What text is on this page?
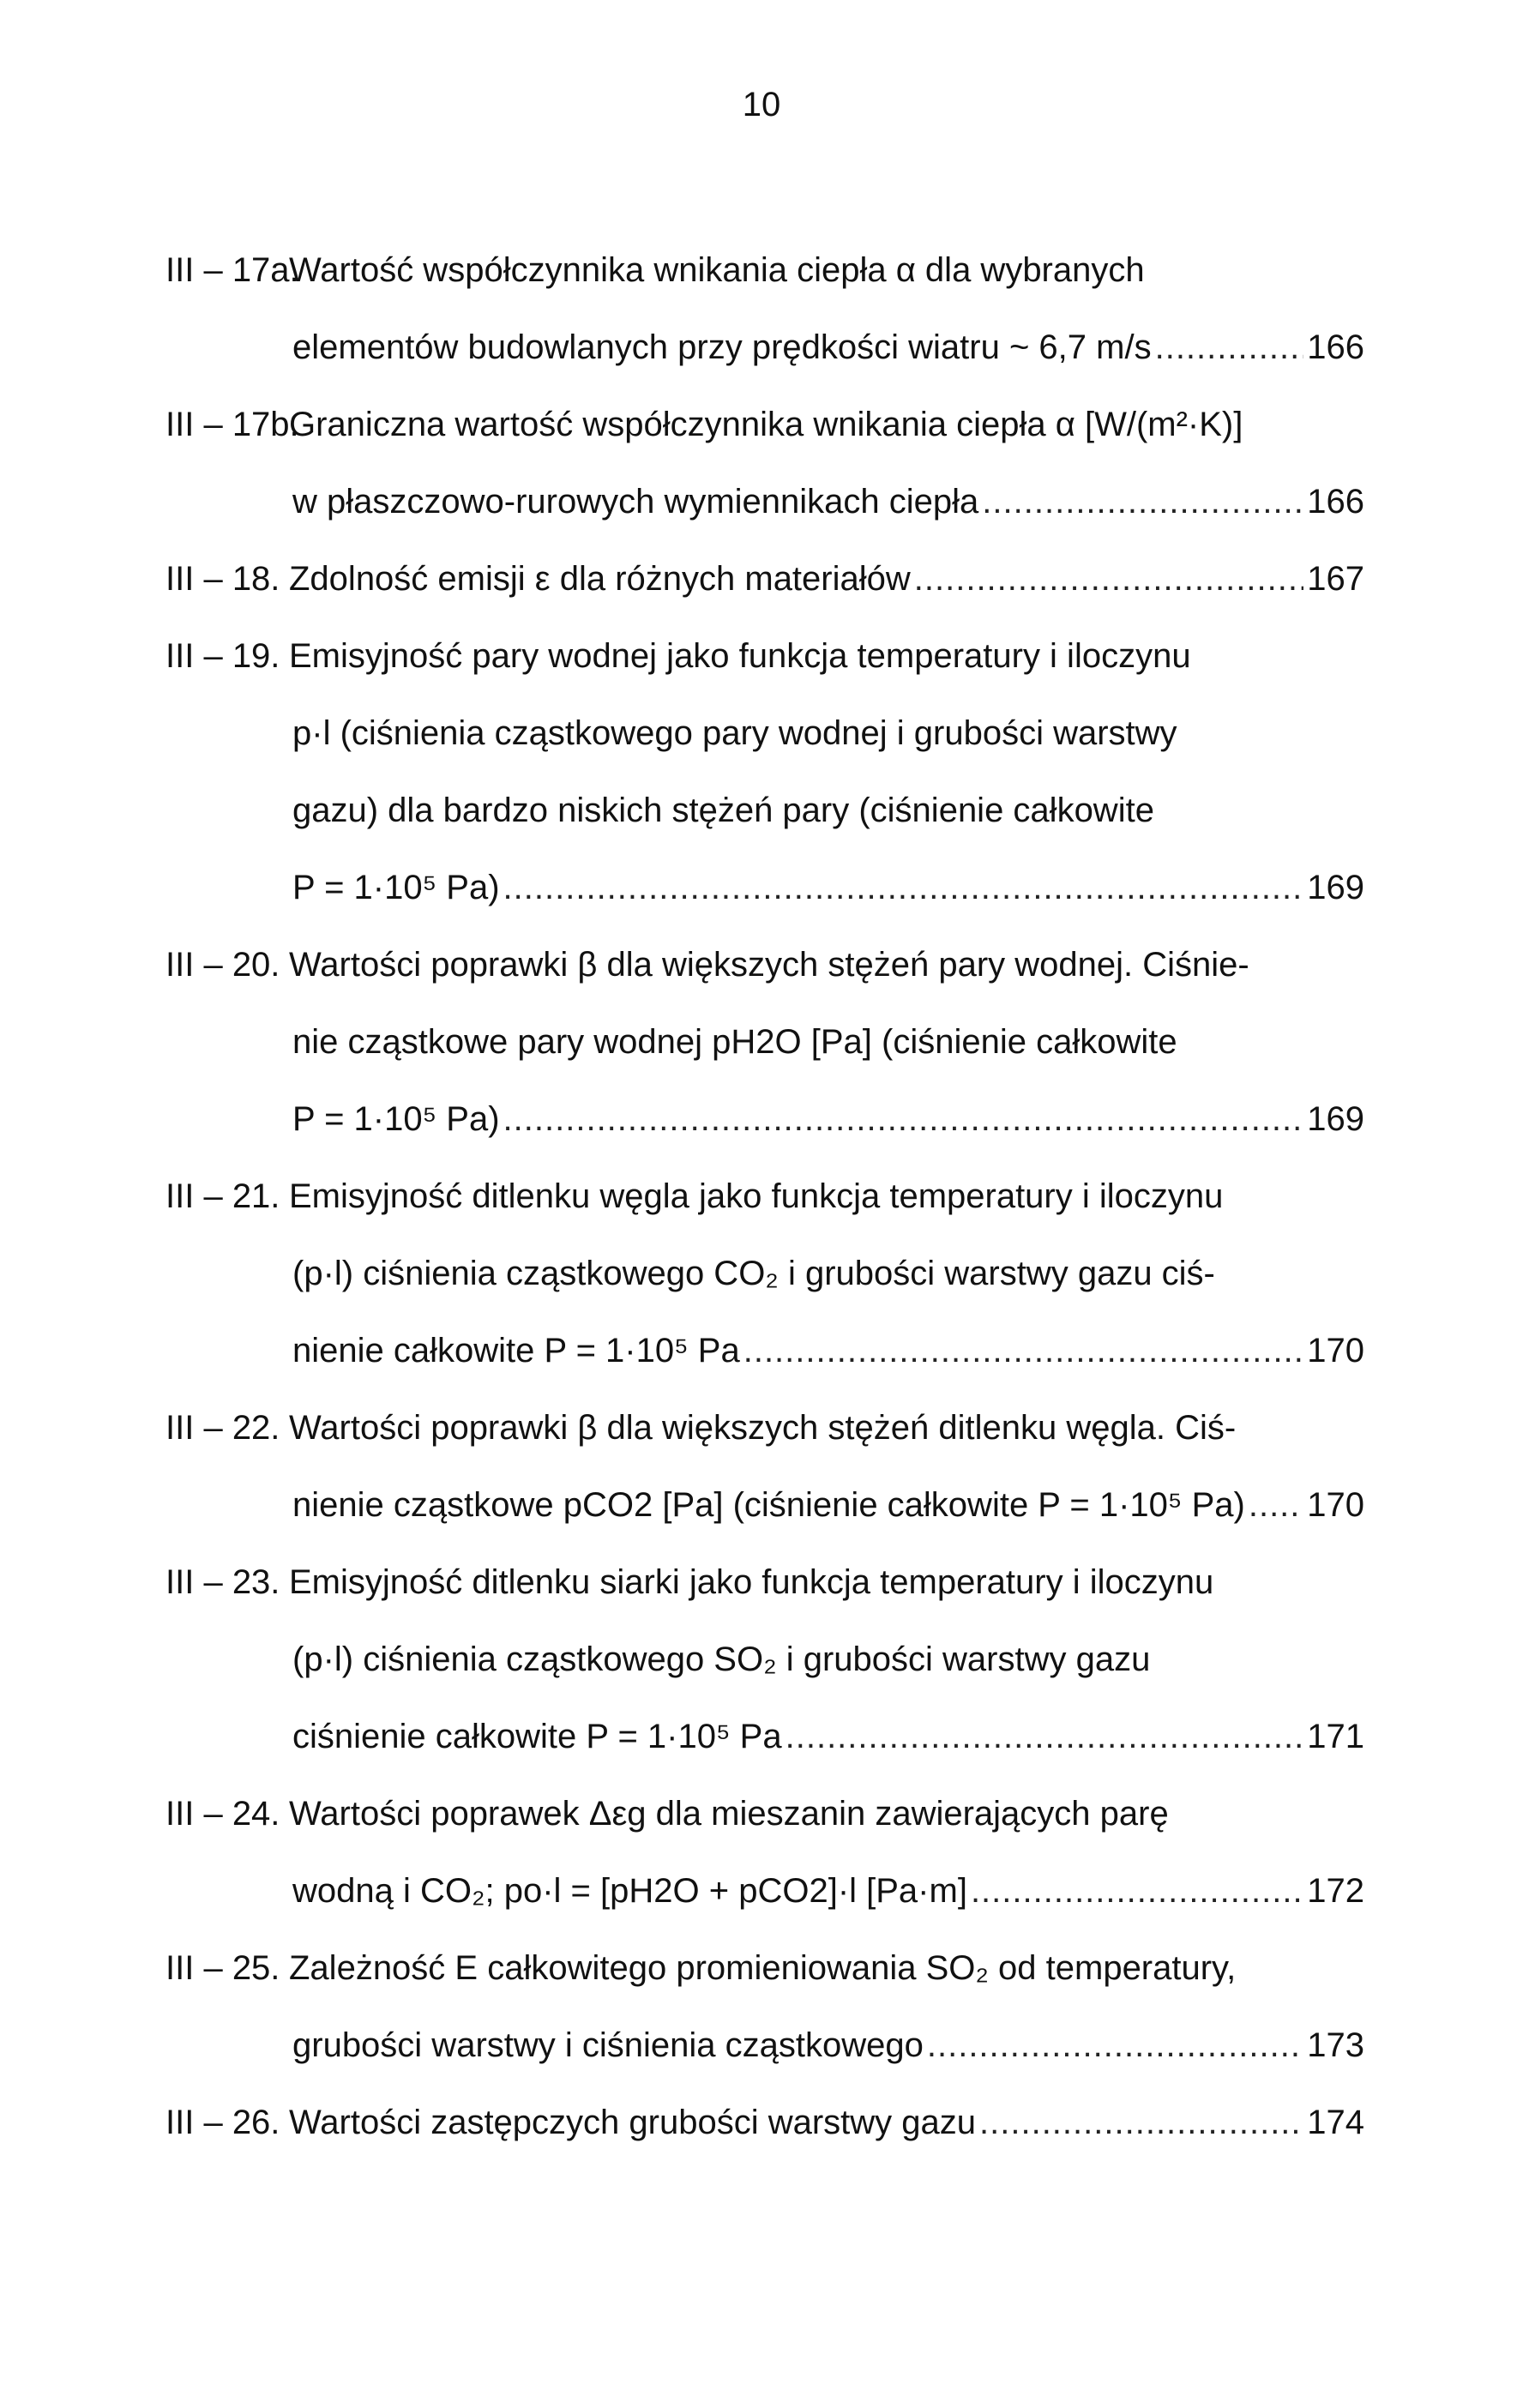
10
III – 17a.Wartość współczynnika wnikania ciepła α dla wybranych
elementów budowlanych przy prędkości wiatru ~ 6,7 m/s .....	166
III – 17b.Graniczna wartość współczynnika wnikania ciepła α [W/(m²·K)]
w płaszczowo-rurowych wymiennikach ciepła .....	166
III – 18. Zdolność emisji ε dla różnych materiałów .....	167
III – 19. Emisyjność pary wodnej jako funkcja temperatury i iloczynu
p·l (ciśnienia cząstkowego pary wodnej i grubości warstwy
gazu) dla bardzo niskich stężeń pary (ciśnienie całkowite
P = 1·10⁵ Pa) .....	169
III – 20. Wartości poprawki β dla większych stężeń pary wodnej. Ciśnie-
nie cząstkowe pary wodnej pH2O [Pa] (ciśnienie całkowite
P = 1·10⁵ Pa) .....	169
III – 21. Emisyjność ditlenku węgla jako funkcja temperatury i iloczynu
(p·l) ciśnienia cząstkowego CO₂ i grubości warstwy gazu ciś-
nienie całkowite P = 1·10⁵ Pa .....	170
III – 22. Wartości poprawki β dla większych stężeń ditlenku węgla. Ciś-
nienie cząstkowe pCO2 [Pa] (ciśnienie całkowite P = 1·10⁵ Pa) ..... 170
III – 23. Emisyjność ditlenku siarki jako funkcja temperatury i iloczynu
(p·l) ciśnienia cząstkowego SO₂ i grubości warstwy gazu
ciśnienie całkowite P = 1·10⁵ Pa .....	171
III – 24. Wartości poprawek Δεg dla mieszanin zawierających parę
wodną i CO₂; po·l = [pH2O + pCO2]·l [Pa·m] .....	172
III – 25. Zależność E całkowitego promieniowania SO₂ od temperatury,
grubości warstwy i ciśnienia cząstkowego .....	173
III – 26. Wartości zastępczych grubości warstwy gazu .....	174
